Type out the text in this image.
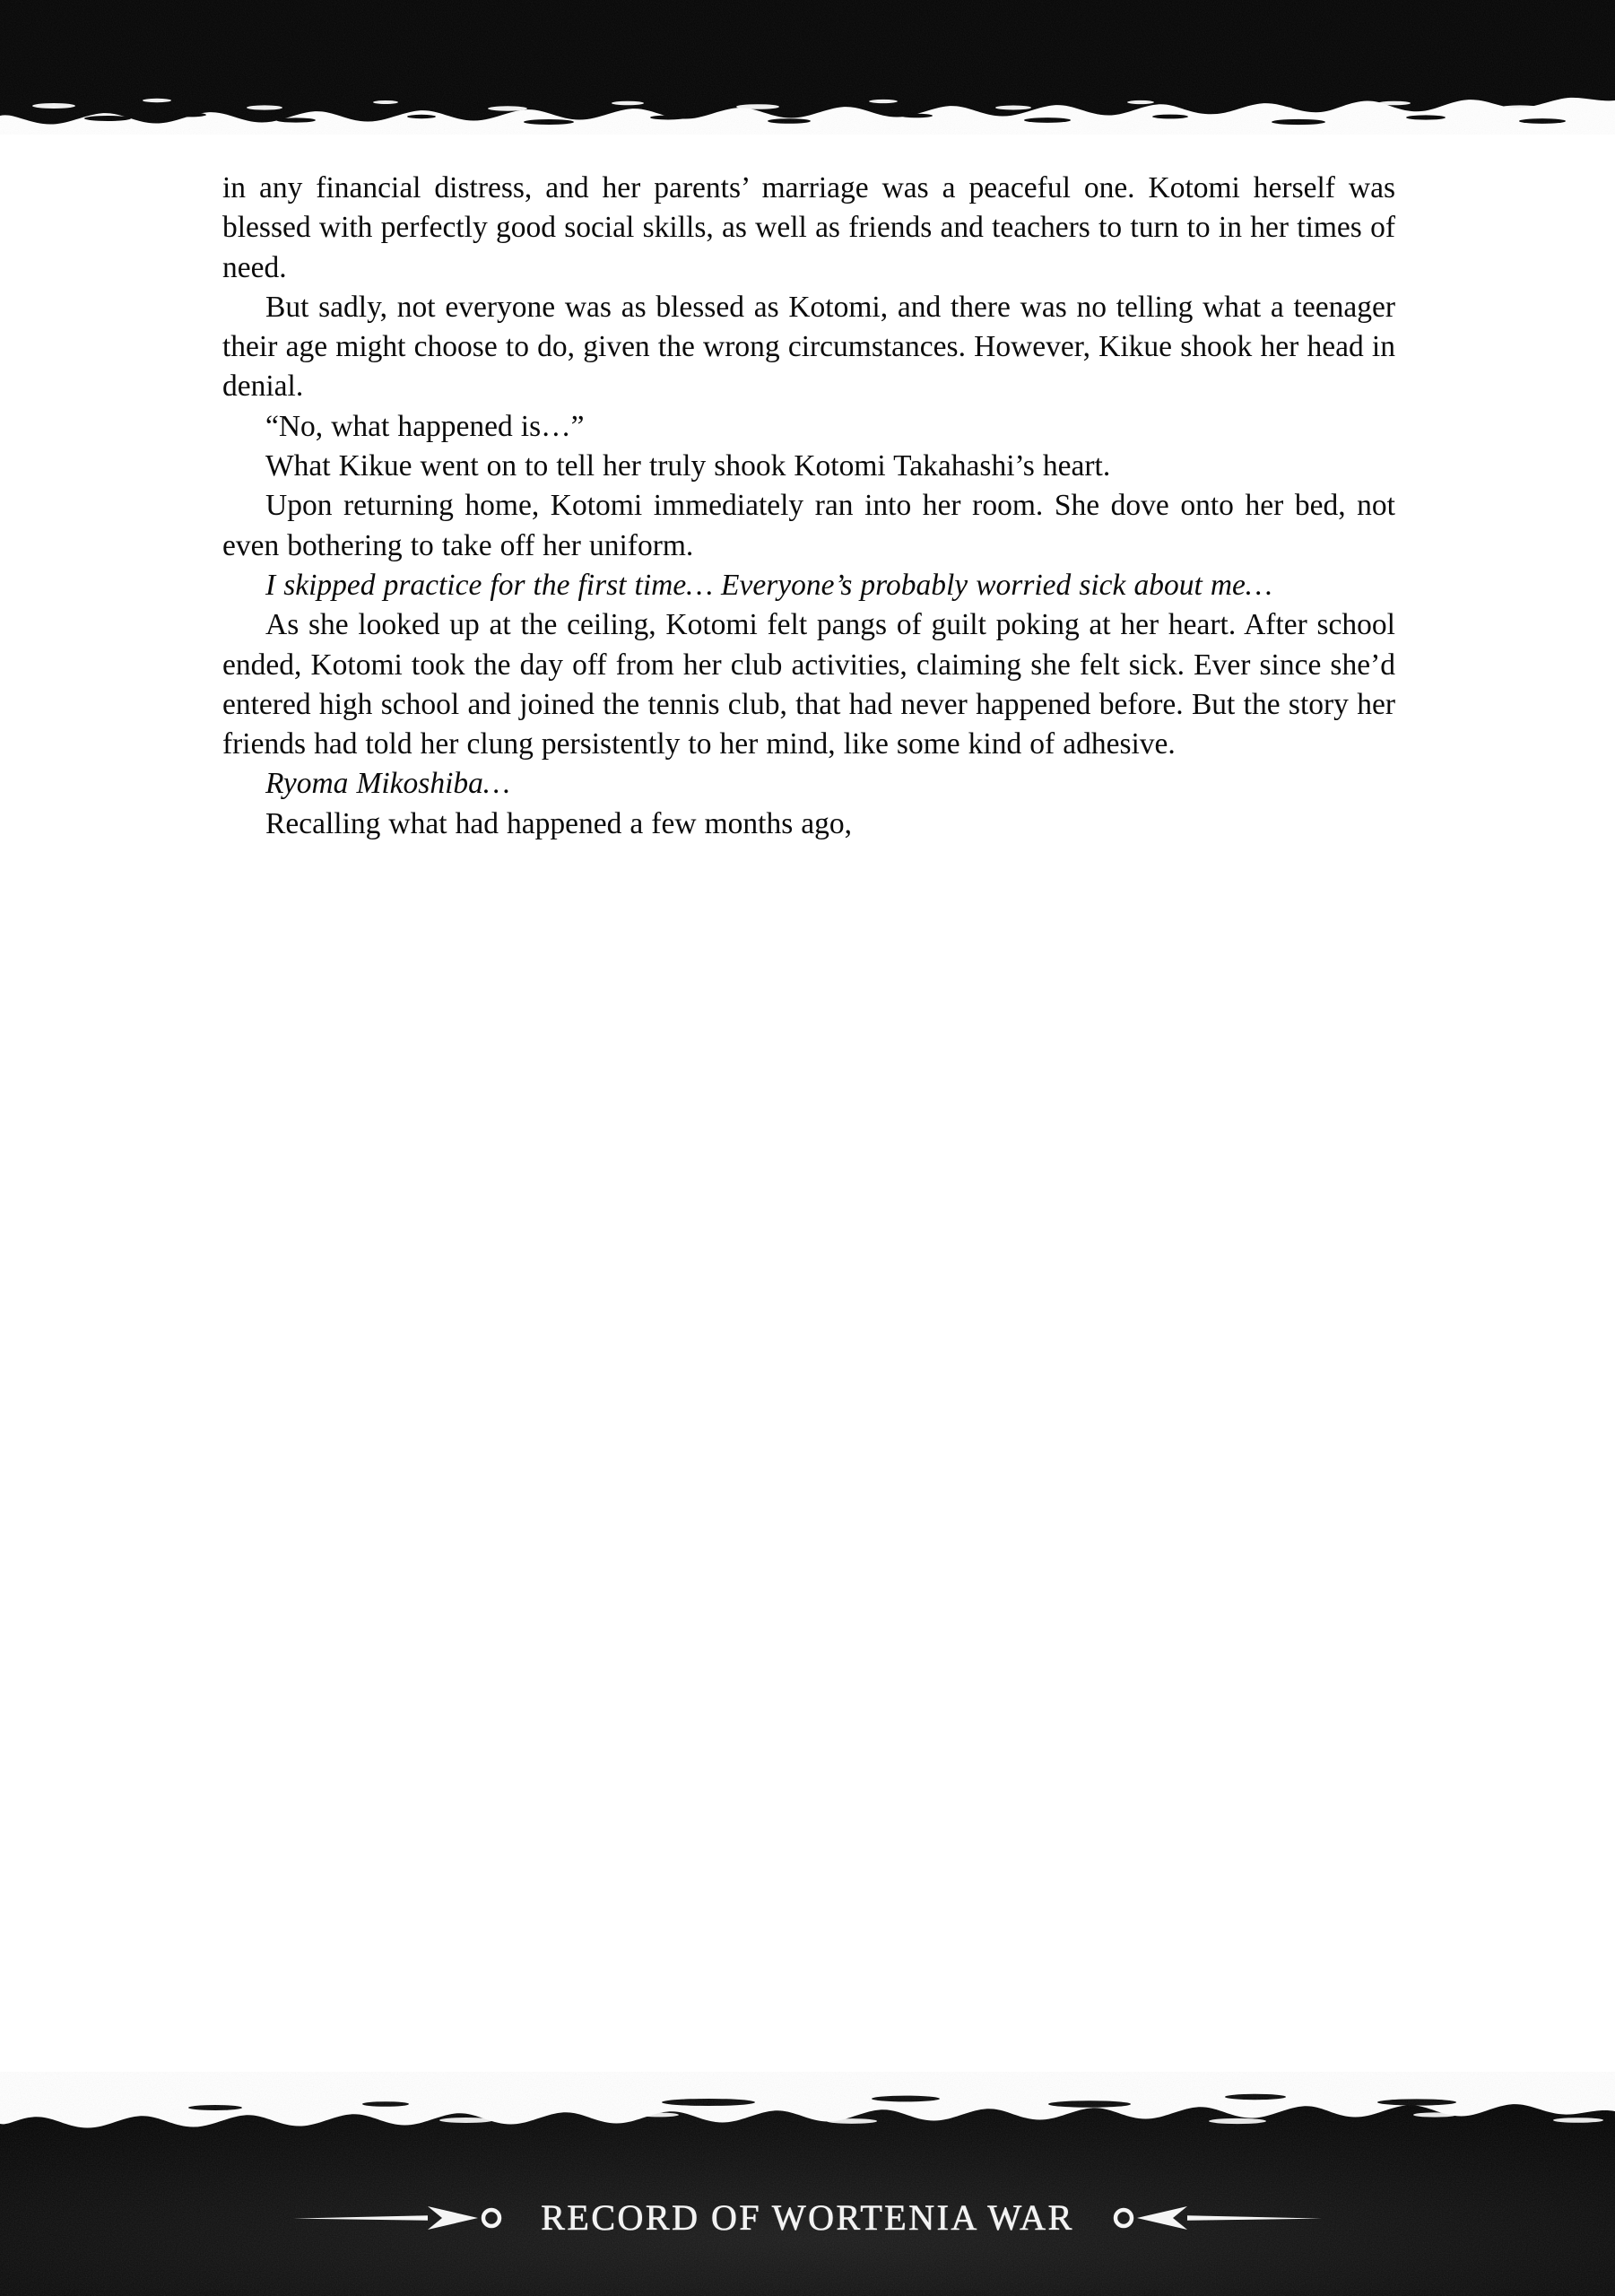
in any financial distress, and her parents’ marriage was a peaceful one. Kotomi herself was blessed with perfectly good social skills, as well as friends and teachers to turn to in her times of need.

But sadly, not everyone was as blessed as Kotomi, and there was no telling what a teenager their age might choose to do, given the wrong circumstances. However, Kikue shook her head in denial.

“No, what happened is…”

What Kikue went on to tell her truly shook Kotomi Takahashi’s heart.

Upon returning home, Kotomi immediately ran into her room. She dove onto her bed, not even bothering to take off her uniform.

I skipped practice for the first time… Everyone’s probably worried sick about me…

As she looked up at the ceiling, Kotomi felt pangs of guilt poking at her heart. After school ended, Kotomi took the day off from her club activities, claiming she felt sick. Ever since she’d entered high school and joined the tennis club, that had never happened before. But the story her friends had told her clung persistently to her mind, like some kind of adhesive.

Ryoma Mikoshiba…

Recalling what had happened a few months ago,

RECORD OF WORTENIA WAR
